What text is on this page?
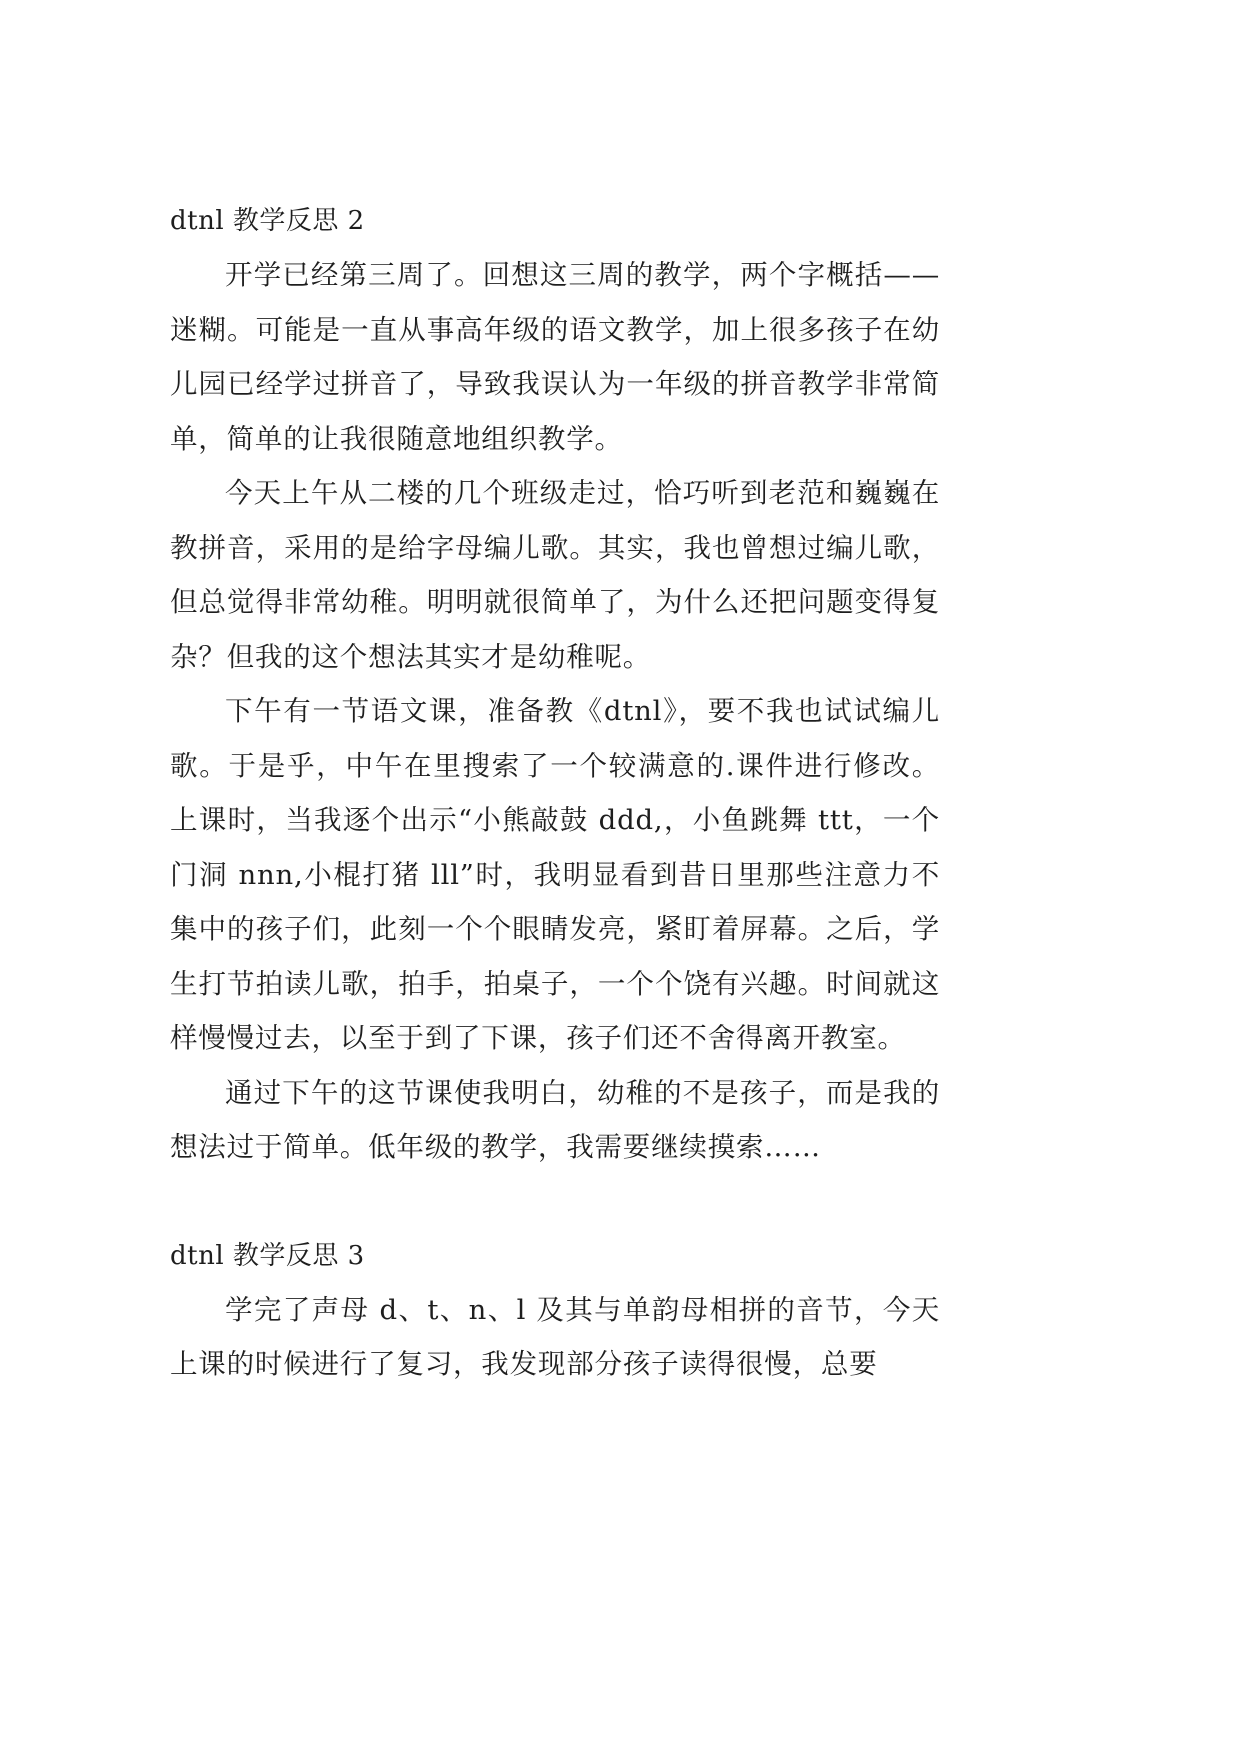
dtnl 教学反思 2

开学已经第三周了。回想这三周的教学，两个字概括——迷糊。可能是一直从事高年级的语文教学，加上很多孩子在幼儿园已经学过拼音了，导致我误认为一年级的拼音教学非常简单，简单的让我很随意地组织教学。

今天上午从二楼的几个班级走过，恰巧听到老范和巍巍在教拼音，采用的是给字母编儿歌。其实，我也曾想过编儿歌，但总觉得非常幼稚。明明就很简单了，为什么还把问题变得复杂？但我的这个想法其实才是幼稚呢。

下午有一节语文课，准备教《dtnl》，要不我也试试编儿歌。于是乎，中午在里搜索了一个较满意的.课件进行修改。上课时，当我逐个出示“小熊敲鼓 ddd,，小鱼跳舞 ttt，一个门洞 nnn,小棍打猪 lll”时，我明显看到昔日里那些注意力不集中的孩子们，此刻一个个眼睛发亮，紧盯着屏幕。之后，学生打节拍读儿歌，拍手，拍桌子，一个个饶有兴趣。时间就这样慢慢过去，以至于到了下课，孩子们还不舍得离开教室。

通过下午的这节课使我明白，幼稚的不是孩子，而是我的想法过于简单。低年级的教学，我需要继续摸索……

dtnl 教学反思 3

学完了声母 d、t、n、l 及其与单韵母相拼的音节，今天上课的时候进行了复习，我发现部分孩子读得很慢，总要
